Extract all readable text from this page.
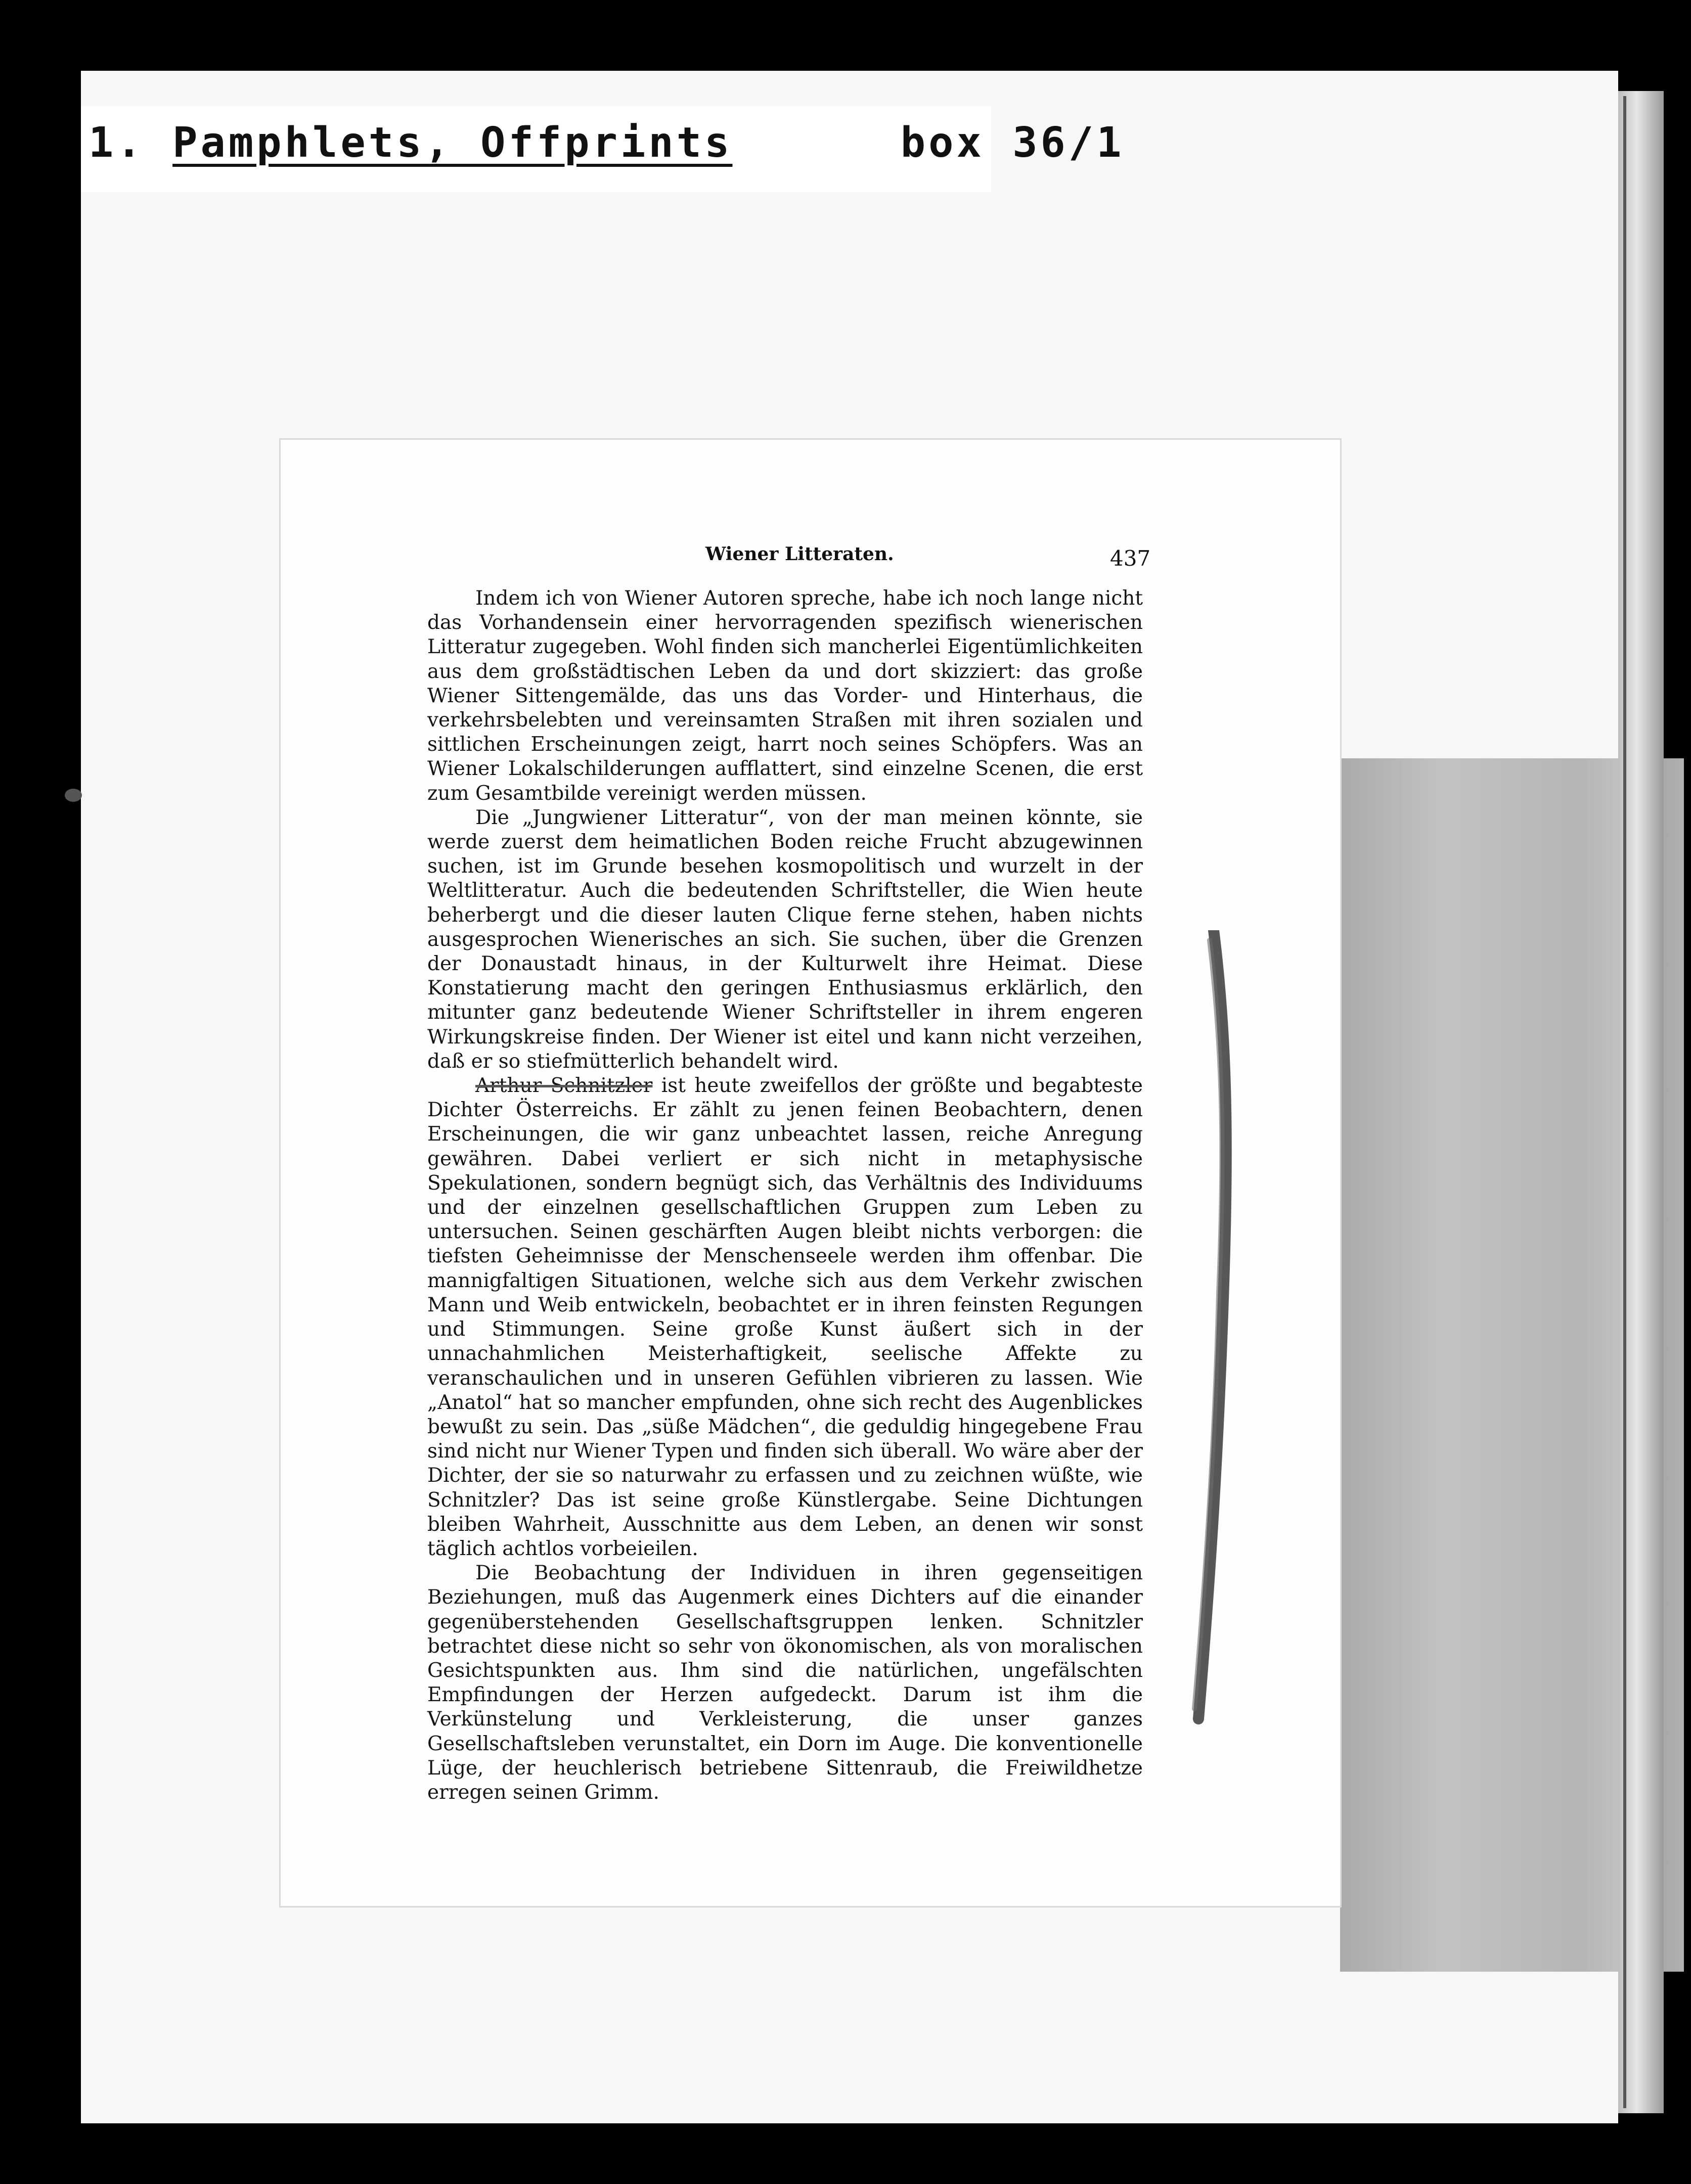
1. Pamphlets, Offprints	box 36/1
Wiener Litteraten.	437

Indem ich von Wiener Autoren spreche, habe ich noch lange nicht das Vorhandensein einer hervorragenden spezifisch wienerischen Litteratur zugegeben. Wohl finden sich mancherlei Eigentümlichkeiten aus dem großstädtischen Leben da und dort skizziert: das große Wiener Sittengemälde, das uns das Vorder- und Hinterhaus, die verkehrsbelebten und vereinsamten Straßen mit ihren sozialen und sittlichen Erscheinungen zeigt, harrt noch seines Schöpfers. Was an Wiener Lokalschilderungen aufflattert, sind einzelne Scenen, die erst zum Gesamtbilde vereinigt werden müssen.

Die „Jungwiener Litteratur“, von der man meinen könnte, sie werde zuerst dem heimatlichen Boden reiche Frucht abzugewinnen suchen, ist im Grunde besehen kosmopolitisch und wurzelt in der Weltlitteratur. Auch die bedeutenden Schriftsteller, die Wien heute beherbergt und die dieser lauten Clique ferne stehen, haben nichts ausgesprochen Wienerisches an sich. Sie suchen, über die Grenzen der Donaustadt hinaus, in der Kulturwelt ihre Heimat. Diese Konstatierung macht den geringen Enthusiasmus erklärlich, den mitunter ganz bedeutende Wiener Schriftsteller in ihrem engeren Wirkungskreise finden. Der Wiener ist eitel und kann nicht verzeihen, daß er so stiefmütterlich behandelt wird.

Arthur Schnitzler ist heute zweifellos der größte und begabteste Dichter Österreichs. Er zählt zu jenen feinen Beobachtern, denen Erscheinungen, die wir ganz unbeachtet lassen, reiche Anregung gewähren. Dabei verliert er sich nicht in metaphysische Spekulationen, sondern begnügt sich, das Verhältnis des Individuums und der einzelnen gesellschaftlichen Gruppen zum Leben zu untersuchen. Seinen geschärften Augen bleibt nichts verborgen: die tiefsten Geheimnisse der Menschenseele werden ihm offenbar. Die mannigfaltigen Situationen, welche sich aus dem Verkehr zwischen Mann und Weib entwickeln, beobachtet er in ihren feinsten Regungen und Stimmungen. Seine große Kunst äußert sich in der unnachahmlichen Meisterhaftigkeit, seelische Affekte zu veranschaulichen und in unseren Gefühlen vibrieren zu lassen. Wie „Anatol“ hat so mancher empfunden, ohne sich recht des Augenblickes bewußt zu sein. Das „süße Mädchen“, die geduldig hingegebene Frau sind nicht nur Wiener Typen und finden sich überall. Wo wäre aber der Dichter, der sie so naturwahr zu erfassen und zu zeichnen wüßte, wie Schnitzler? Das ist seine große Künstlergabe. Seine Dichtungen bleiben Wahrheit, Ausschnitte aus dem Leben, an denen wir sonst täglich achtlos vorbeieilen.

Die Beobachtung der Individuen in ihren gegenseitigen Beziehungen, muß das Augenmerk eines Dichters auf die einander gegenüberstehenden Gesellschaftsgruppen lenken. Schnitzler betrachtet diese nicht so sehr von ökonomischen, als von moralischen Gesichtspunkten aus. Ihm sind die natürlichen, ungefälschten Empfindungen der Herzen aufgedeckt. Darum ist ihm die Verkünstelung und Verkleisterung, die unser ganzes Gesellschaftsleben verunstaltet, ein Dorn im Auge. Die konventionelle Lüge, der heuchlerisch betriebene Sittenraub, die Freiwildhetze erregen seinen Grimm.
